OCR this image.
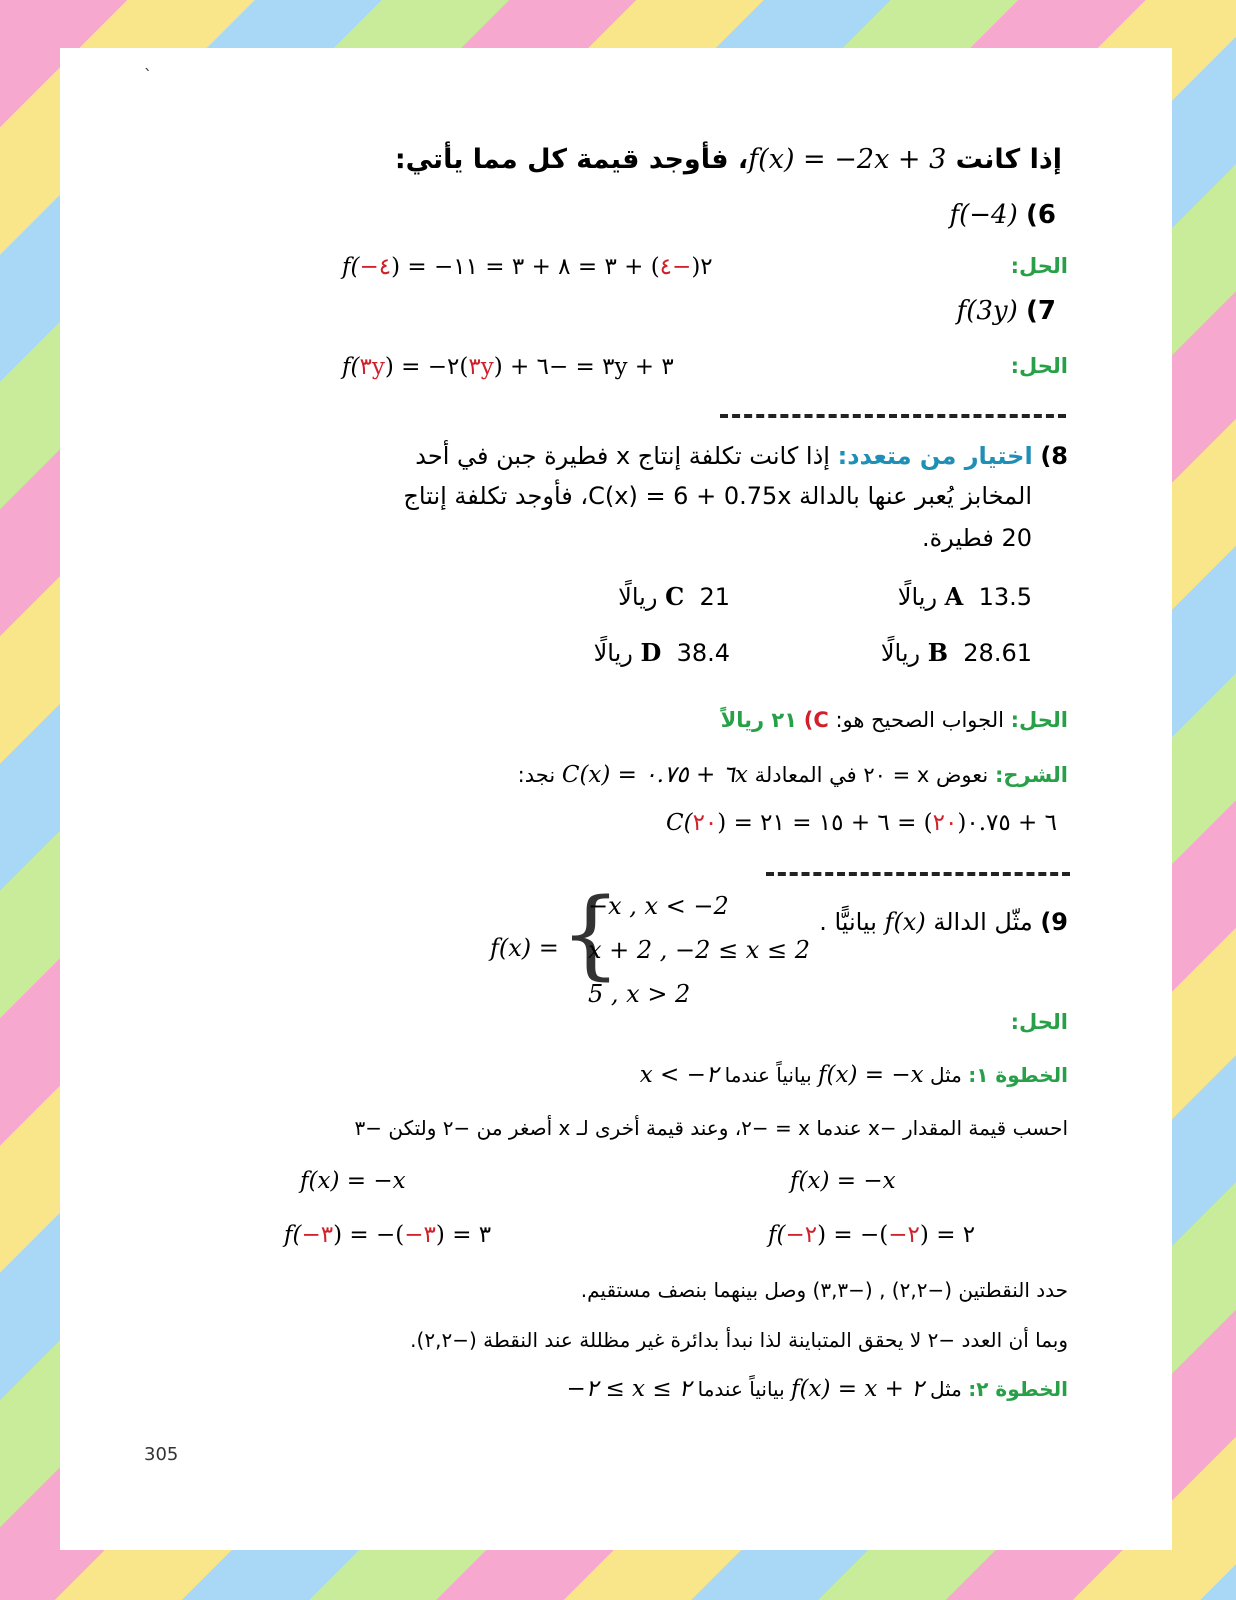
`
إذا كانت f(x) = −2x + 3، فأوجد قيمة كل مما يأتي:
6) f(−4)
الحل:
f(−٤) = −٢(−٤) + ٣ = ٨ + ٣ = ١١
7) f(3y)
الحل:
f(٣y) = −٢(٣y) + ٣ = −٦y + ٣
8) اختيار من متعدد: إذا كانت تكلفة إنتاج x فطيرة جبن في أحد
المخابز يُعبر عنها بالدالة C(x) = 6 + 0.75x، فأوجد تكلفة إنتاج
20 فطيرة.
A  13.5 ريالًا
C  21 ريالًا
B  28.61 ريالًا
D  38.4 ريالًا
الحل: الجواب الصحيح هو: C) ٢١ ريالاً
الشرح: نعوض x = ٢٠ في المعادلة C(x) = ٦ + ٠.٧٥x نجد:
C(٢٠) = ٦ + ٠.٧٥(٢٠) = ٦ + ١٥ = ٢١
9) مثّل الدالة f(x) بيانيًّا .
f(x) = {
−x , x < −2
x + 2 , −2 ≤ x ≤ 2
5 , x > 2
الحل:
الخطوة ١: مثل f(x) = −x بيانياً عندما x < −٢
احسب قيمة المقدار −x عندما x = −٢، وعند قيمة أخرى لـ x أصغر من −٢ ولتكن −٣
f(x) = −x	f(x) = −x
f(−٣) = −(−٣) = ٣	f(−٢) = −(−٢) = ٢
حدد النقطتين (−٢,٢) , (−٣,٣) وصل بينهما بنصف مستقيم.
وبما أن العدد −٢ لا يحقق المتباينة لذا نبدأ بدائرة غير مظللة عند النقطة (−٢,٢).
الخطوة ٢: مثل f(x) = x + ٢ بيانياً عندما −٢ ≤ x ≤ ٢
305
